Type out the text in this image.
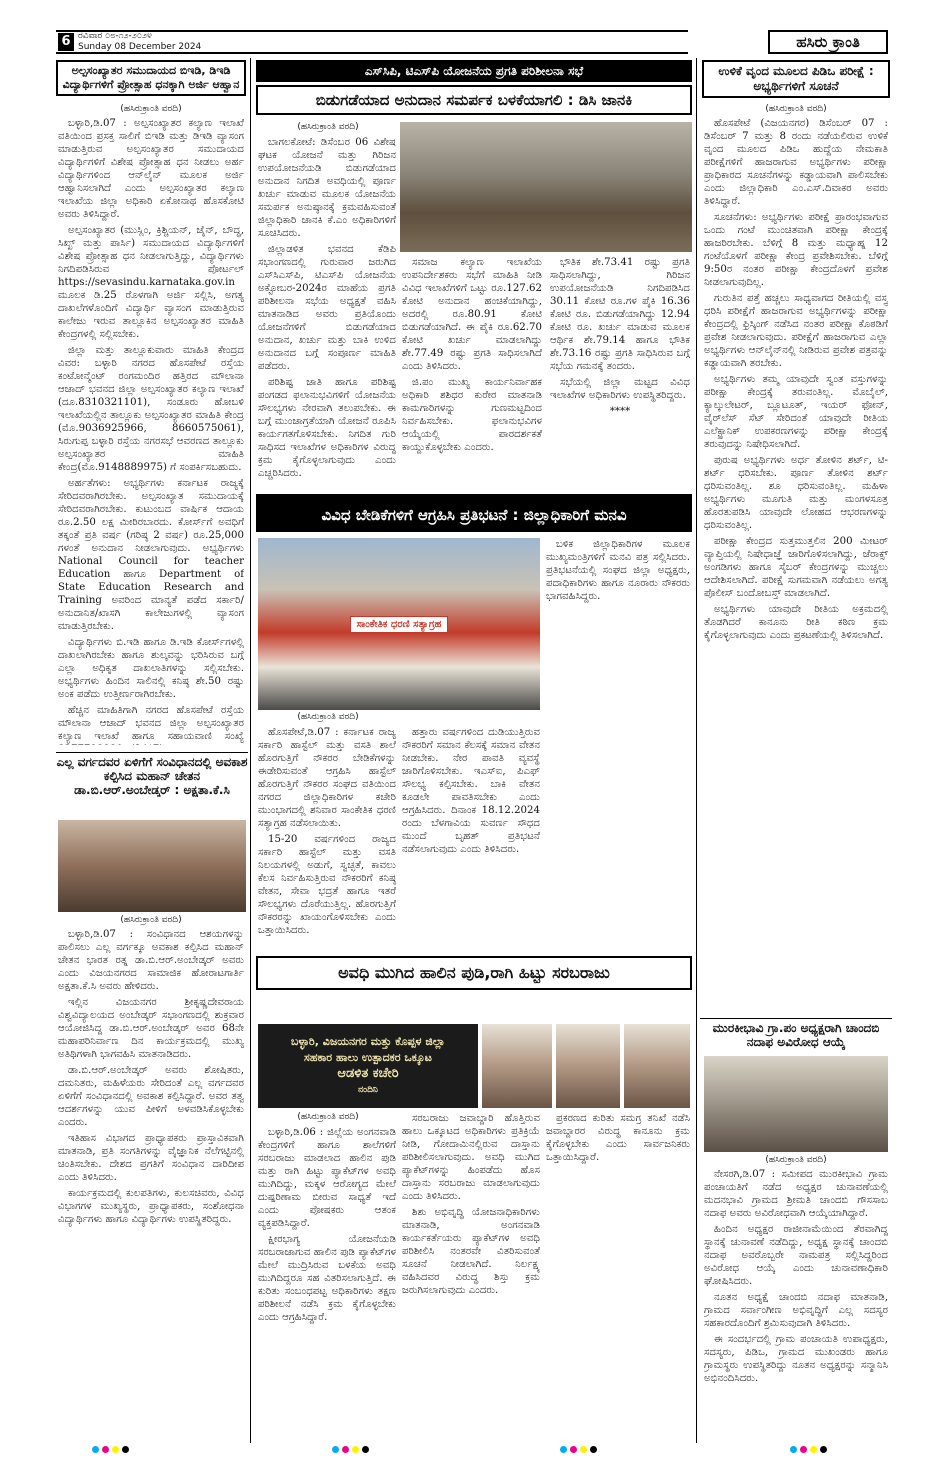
6 ರವಿವಾರ ೦೮-೧೨-೨೦೨೪
Sunday 08 December 2024	ಹಸಿರು ಕ್ರಾಂತಿ
ಅಲ್ಪಸಂಖ್ಯಾತರ ಸಮುದಾಯದ ಬಿಇಡಿ, ಡಿಇಡಿ ವಿದ್ಯಾರ್ಥಿಗಳಿಗೆ ಪ್ರೋತ್ಸಾಹ ಧನಕ್ಕಾಗಿ ಅರ್ಜಿ ಆಹ್ವಾನ
(ಹಸಿರುಕ್ರಾಂತಿ ವರದಿ)

ಬಳ್ಳಾರಿ,ಡಿ.07 : ಅಲ್ಪಸಂಖ್ಯಾತರ ಕಲ್ಯಾಣ ಇಲಾಖೆ ವತಿಯಿಂದ ಪ್ರಸಕ್ತ ಸಾಲಿಗೆ ಬಿಇಡಿ ಮತ್ತು ಡಿಇಡಿ ವ್ಯಾಸಂಗ ಮಾಡುತ್ತಿರುವ ಅಲ್ಪಸಂಖ್ಯಾತರ ಸಮುದಾಯದ ವಿದ್ಯಾರ್ಥಿಗಳಿಗೆ ವಿಶೇಷ ಪ್ರೋತ್ಸಾಹ ಧನ ನೀಡಲು ಅರ್ಹ ವಿದ್ಯಾರ್ಥಿಗಳಿಂದ ಆನ್‌ಲೈನ್ ಮೂಲಕ ಅರ್ಜಿ ಆಹ್ವಾನಿಸಲಾಗಿದೆ ಎಂದು ಅಲ್ಪಸಂಖ್ಯಾತರ ಕಲ್ಯಾಣ ಇಲಾಖೆಯ ಜಿಲ್ಲಾ ಅಧಿಕಾರಿ ಏಕೋನಾಥ ಹೊಸಕೋಟಿ ಅವರು ತಿಳಿಸಿದ್ದಾರೆ.

ಅಲ್ಪಸಂಖ್ಯಾತರ (ಮುಸ್ಲಿಂ, ಕ್ರಿಶ್ಚಿಯನ್, ಜೈನ್, ಬೌದ್ಧ, ಸಿಖ್ಖ್ ಮತ್ತು ಪಾರ್ಸಿ) ಸಮುದಾಯದ ವಿದ್ಯಾರ್ಥಿಗಳಿಗೆ ವಿಶೇಷ ಪ್ರೋತ್ಸಾಹ ಧನ ನೀಡಲಾಗುತ್ತಿದ್ದು, ವಿದ್ಯಾರ್ಥಿಗಳು ನಿಗದಿಪಡಿಸಿರುವ ಪೋರ್ಟಲ್ https://sevasindu.karnataka.gov.in ಮೂಲಕ ಡಿ.25 ರೊಳಗಾಗಿ ಅರ್ಜಿ ಸಲ್ಲಿಸಿ, ಅಗತ್ಯ ದಾಖಲೆಗಳೊಂದಿಗೆ ವಿದ್ಯಾರ್ಥಿ ವ್ಯಾಸಂಗ ಮಾಡುತ್ತಿರುವ ಕಾಲೇಜು ಇರುವ ತಾಲ್ಲೂಕಿನ ಅಲ್ಪಸಂಖ್ಯಾತರ ಮಾಹಿತಿ ಕೇಂದ್ರಗಳಲ್ಲಿ ಸಲ್ಲಿಸಬೇಕು.

ಜಿಲ್ಲಾ ಮತ್ತು ತಾಲ್ಲೂಕುವಾರು ಮಾಹಿತಿ ಕೇಂದ್ರದ ವಿವರ: ಬಳ್ಳಾರಿ ನಗರದ ಹೊಸಪೇಟೆ ರಸ್ತೆಯ ಕಂಟೋನ್ಮೆಂಟ್ ರಂಗಮಂದಿರ ಹತ್ತಿರದ ಮೌಲಾನಾ ಆಜಾದ್ ಭವನದ ಜಿಲ್ಲಾ ಅಲ್ಪಸಂಖ್ಯಾತರ ಕಲ್ಯಾಣ ಇಲಾಖೆ (ದೂ.8310321101), ಸಂಡೂರು ಹೋಬಳಿ ಇಲಾಖೆಯಲ್ಲಿನ ತಾಲ್ಲೂಕು ಅಲ್ಪಸಂಖ್ಯಾತರ ಮಾಹಿತಿ ಕೇಂದ್ರ (ಮೊ.9036925966, 8660575061), ಸಿರುಗುಪ್ಪ ಬಳ್ಳಾರಿ ರಸ್ತೆಯ ನಗರಸಭೆ ಆವರಣದ ತಾಲ್ಲೂಕು ಅಲ್ಪಸಂಖ್ಯಾತರ ಮಾಹಿತಿ ಕೇಂದ್ರ(ಮೊ.9148889975) ಗೆ ಸಂಪರ್ಕಿಸಬಹುದು.

ಅರ್ಹತೆಗಳು: ಅಭ್ಯರ್ಥಿಗಳು ಕರ್ನಾಟಕ ರಾಜ್ಯಕ್ಕೆ ಸೇರಿದವರಾಗಿರಬೇಕು. ಅಲ್ಪಸಂಖ್ಯಾತ ಸಮುದಾಯಕ್ಕೆ ಸೇರಿದವರಾಗಿರಬೇಕು. ಕುಟುಂಬದ ವಾರ್ಷಿಕ ಆದಾಯ ರೂ.2.50 ಲಕ್ಷ ಮೀರಿರಬಾರದು. ಕೋರ್ಸ್‌ಗೆ ಅವಧಿಗೆ ತಕ್ಕಂತೆ ಪ್ರತಿ ವರ್ಷ (ಗರಿಷ್ಠ 2 ವರ್ಷ) ರೂ.25,000 ಗಳಂತೆ ಅನುದಾನ ನೀಡಲಾಗುವುದು. ಅಭ್ಯರ್ಥಿಗಳು National Council for teacher Education ಹಾಗೂ Department of State Education Research and Training ಅವರಿಂದ ಮಾನ್ಯತೆ ಪಡೆದ ಸರ್ಕಾರಿ/ಅನುದಾನಿತ/ಖಾಸಗಿ ಕಾಲೇಜುಗಳಲ್ಲಿ ವ್ಯಾಸಂಗ ಮಾಡುತ್ತಿರಬೇಕು.

ವಿದ್ಯಾರ್ಥಿಗಳು ಬಿ.ಇಡಿ ಹಾಗೂ ಡಿ.ಇಡಿ ಕೋರ್ಸ್‌ಗಳಲ್ಲಿ ದಾಖಲಾಗಿರಬೇಕು ಹಾಗೂ ಶುಲ್ಕವನ್ನು ಭರಿಸಿರುವ ಬಗ್ಗೆ ಎಲ್ಲಾ ಅಧಿಕೃತ ದಾಖಲಾತಿಗಳನ್ನು ಸಲ್ಲಿಸಬೇಕು. ಅಭ್ಯರ್ಥಿಗಳು ಹಿಂದಿನ ಸಾಲಿನಲ್ಲಿ ಕನಿಷ್ಠ ಶೇ.50 ರಷ್ಟು ಅಂಕ ಪಡೆದು ಉತ್ತೀರ್ಣರಾಗಿರಬೇಕು.

ಹೆಚ್ಚಿನ ಮಾಹಿತಿಗಾಗಿ ನಗರದ ಹೊಸಪೇಟೆ ರಸ್ತೆಯ ಮೌಲಾನಾ ಆಜಾದ್ ಭವನದ ಜಿಲ್ಲಾ ಅಲ್ಪಸಂಖ್ಯಾತರ ಕಲ್ಯಾಣ ಇಲಾಖೆ ಹಾಗೂ ಸಹಾಯವಾಣಿ ಸಂಖ್ಯೆ

ಎಲ್ಲ ವರ್ಗದವರ ಏಳಿಗೆಗೆ ಸಂವಿಧಾನದಲ್ಲಿ ಅವಕಾಶ ಕಲ್ಪಿಸಿದ ಮಹಾನ್ ಚೇತನ ಡಾ.ಬಿ.ಆರ್.ಅಂಬೇಡ್ಕರ್ : ಅಕ್ಷತಾ.ಕೆ.ಸಿ
(ಹಸಿರುಕ್ರಾಂತಿ ವರದಿ)

ಬಳ್ಳಾರಿ,ಡಿ.07 : ಸಂವಿಧಾನದ ಆಶಯಗಳನ್ನು ಪಾಲಿಸಲು ಎಲ್ಲ ವರ್ಗಕ್ಕೂ ಅವಕಾಶ ಕಲ್ಪಿಸಿದ ಮಹಾನ್ ಚೇತನ ಭಾರತ ರತ್ನ ಡಾ.ಬಿ.ಆರ್.ಅಂಬೇಡ್ಕರ್ ಅವರು ಎಂದು ವಿಜಯನಗರದ ಸಾಮಾಜಿಕ ಹೋರಾಟಗಾರ್ತಿ ಅಕ್ಷತಾ.ಕೆ.ಸಿ ಅವರು ಹೇಳಿದರು.

ಇಲ್ಲಿನ ವಿಜಯನಗರ ಶ್ರೀಕೃಷ್ಣದೇವರಾಯ ವಿಶ್ವವಿದ್ಯಾಲಯದ ಅಂಬೇಡ್ಕರ್ ಸಭಾಂಗಣದಲ್ಲಿ ಶುಕ್ರವಾರ ಆಯೋಜಿಸಿದ್ದ ಡಾ.ಬಿ.ಆರ್.ಅಂಬೇಡ್ಕರ್ ಅವರ 68ನೇ ಮಹಾಪರಿನಿರ್ವಾಣ ದಿನ ಕಾರ್ಯಕ್ರಮದಲ್ಲಿ ಮುಖ್ಯ ಅತಿಥಿಗಳಾಗಿ ಭಾಗವಹಿಸಿ ಮಾತನಾಡಿದರು.

ಡಾ.ಬಿ.ಆರ್.ಅಂಬೇಡ್ಕರ್ ಅವರು ಶೋಷಿತರು, ದಮನಿತರು, ಮಹಿಳೆಯರು ಸೇರಿದಂತೆ ಎಲ್ಲ ವರ್ಗದವರ ಏಳಿಗೆಗೆ ಸಂವಿಧಾನದಲ್ಲಿ ಅವಕಾಶ ಕಲ್ಪಿಸಿದ್ದಾರೆ. ಅವರ ತತ್ವ ಆದರ್ಶಗಳನ್ನು ಯುವ ಪೀಳಿಗೆ ಅಳವಡಿಸಿಕೊಳ್ಳಬೇಕು ಎಂದರು.

ಇತಿಹಾಸ ವಿಭಾಗದ ಪ್ರಾಧ್ಯಾಪಕರು ಪ್ರಾಸ್ತಾವಿಕವಾಗಿ ಮಾತನಾಡಿ, ಪ್ರತಿ ಸಂಗತಿಗಳನ್ನು ವೈಜ್ಞಾನಿಕ ನೆಲೆಗಟ್ಟಿನಲ್ಲಿ ಚಿಂತಿಸಬೇಕು. ದೇಶದ ಪ್ರಗತಿಗೆ ಸಂವಿಧಾನ ದಾರಿದೀಪ ಎಂದು ತಿಳಿಸಿದರು.

ಕಾರ್ಯಕ್ರಮದಲ್ಲಿ ಕುಲಪತಿಗಳು, ಕುಲಸಚಿವರು, ವಿವಿಧ ವಿಭಾಗಗಳ ಮುಖ್ಯಸ್ಥರು, ಪ್ರಾಧ್ಯಾಪಕರು, ಸಂಶೋಧನಾ ವಿದ್ಯಾರ್ಥಿಗಳು ಹಾಗೂ ವಿದ್ಯಾರ್ಥಿಗಳು ಉಪಸ್ಥಿತರಿದ್ದರು.

ಎಸ್‌ಸಿಪಿ, ಟಿಎಸ್‌ಪಿ ಯೋಜನೆಯ ಪ್ರಗತಿ ಪರಿಶೀಲನಾ ಸಭೆ
ಬಿಡುಗಡೆಯಾದ ಅನುದಾನ ಸಮರ್ಪಕ ಬಳಕೆಯಾಗಲಿ : ಡಿಸಿ ಜಾನಕಿ
(ಹಸಿರುಕ್ರಾಂತಿ ವರದಿ)

ಬಾಗಲಕೋಟೆ: ಡಿಸೆಂಬರ 06 ವಿಶೇಷ ಘಟಕ ಯೋಜನೆ ಮತ್ತು ಗಿರಿಜನ ಉಪಯೋಜನೆಯಡಿ ಬಿಡುಗಡೆಯಾದ ಅನುದಾನ ನಿಗದಿತ ಅವಧಿಯಲ್ಲಿ ಪೂರ್ಣ ಖರ್ಚು ಮಾಡುವ ಮೂಲಕ ಯೋಜನೆಯ ಸಮರ್ಪಕ ಅನುಷ್ಠಾನಕ್ಕೆ ಕ್ರಮವಹಿಸುವಂತೆ ಜಿಲ್ಲಾಧಿಕಾರಿ ಜಾನಕಿ ಕೆ.ಎಂ ಅಧಿಕಾರಿಗಳಿಗೆ ಸೂಚಿಸಿದರು.

ಜಿಲ್ಲಾಡಳಿತ ಭವನದ ಕೆಡಿಪಿ ಸಭಾಂಗಣದಲ್ಲಿ ಗುರುವಾರ ಜರುಗಿದ ಎಸ್‌ಸಿಎಸ್‌ಪಿ, ಟಿಎಸ್‌ಪಿ ಯೋಜನೆಯ ಅಕ್ಟೋಬರ-2024ರ ಮಾಹೆಯ ಪ್ರಗತಿ ಪರಿಶೀಲನಾ ಸಭೆಯ ಅಧ್ಯಕ್ಷತೆ ವಹಿಸಿ ಮಾತನಾಡಿದ ಅವರು ಪ್ರತಿಯೊಂದು ಯೋಜನೆಗಳಿಗೆ ಬಿಡುಗಡೆಯಾದ ಅನುದಾನ, ಖರ್ಚು ಮತ್ತು ಬಾಕಿ ಉಳಿದ ಅನುದಾನದ ಬಗ್ಗೆ ಸಂಪೂರ್ಣ ಮಾಹಿತಿ ಪಡೆದರು.

ಪರಿಶಿಷ್ಟ ಜಾತಿ ಹಾಗೂ ಪರಿಶಿಷ್ಟ ಪಂಗಡದ ಫಲಾನುಭವಿಗಳಿಗೆ ಯೋಜನೆಯ ಸೌಲಭ್ಯಗಳು ನೇರವಾಗಿ ತಲುಪಬೇಕು. ಈ ಬಗ್ಗೆ ಮುಂಜಾಗ್ರತೆಯಾಗಿ ಯೋಜನೆ ರೂಪಿಸಿ ಕಾರ್ಯಗತಗೊಳಿಸಬೇಕು. ನಿಗದಿತ ಗುರಿ ಸಾಧಿಸದ ಇಲಾಖೆಗಳ ಅಧಿಕಾರಿಗಳ ವಿರುದ್ಧ ಕ್ರಮ ಕೈಗೊಳ್ಳಲಾಗುವುದು ಎಂದು ಎಚ್ಚರಿಸಿದರು.

ಸಮಾಜ ಕಲ್ಯಾಣ ಇಲಾಖೆಯ ಉಪನಿರ್ದೇಶಕರು ಸಭೆಗೆ ಮಾಹಿತಿ ನೀಡಿ ವಿವಿಧ ಇಲಾಖೆಗಳಿಗೆ ಒಟ್ಟು ರೂ.127.62 ಕೋಟಿ ಅನುದಾನ ಹಂಚಿಕೆಯಾಗಿದ್ದು, ಅದರಲ್ಲಿ ರೂ.80.91 ಕೋಟಿ ಬಿಡುಗಡೆಯಾಗಿದೆ. ಈ ಪೈಕಿ ರೂ.62.70 ಕೋಟಿ ಖರ್ಚು ಮಾಡಲಾಗಿದ್ದು ಶೇ.77.49 ರಷ್ಟು ಪ್ರಗತಿ ಸಾಧಿಸಲಾಗಿದೆ ಎಂದು ತಿಳಿಸಿದರು.

ಜಿ.ಪಂ ಮುಖ್ಯ ಕಾರ್ಯನಿರ್ವಾಹಕ ಅಧಿಕಾರಿ ಶಶಿಧರ ಕುರೇರ ಮಾತನಾಡಿ ಕಾಮಗಾರಿಗಳನ್ನು ಗುಣಮಟ್ಟದಿಂದ ನಿರ್ವಹಿಸಬೇಕು. ಫಲಾನುಭವಿಗಳ ಆಯ್ಕೆಯಲ್ಲಿ ಪಾರದರ್ಶಕತೆ ಕಾಯ್ದುಕೊಳ್ಳಬೇಕು ಎಂದರು.

ಭೌತಿಕ ಶೇ.73.41 ರಷ್ಟು ಪ್ರಗತಿ ಸಾಧಿಸಲಾಗಿದ್ದು, ಗಿರಿಜನ ಉಪಯೋಜನೆಯಡಿ ನಿಗದಿಪಡಿಸಿದ 30.11 ಕೋಟಿ ರೂ.ಗಳ ಪೈಕಿ 16.36 ಕೋಟಿ ರೂ. ಬಿಡುಗಡೆಯಾಗಿದ್ದು 12.94 ಕೋಟಿ ರೂ. ಖರ್ಚು ಮಾಡುವ ಮೂಲಕ ಆರ್ಥಿಕ ಶೇ.79.14 ಹಾಗೂ ಭೌತಿಕ ಶೇ.73.16 ರಷ್ಟು ಪ್ರಗತಿ ಸಾಧಿಸಿರುವ ಬಗ್ಗೆ ಸಭೆಯ ಗಮನಕ್ಕೆ ತಂದರು.

ಸಭೆಯಲ್ಲಿ ಜಿಲ್ಲಾ ಮಟ್ಟದ ವಿವಿಧ ಇಲಾಖೆಗಳ ಅಧಿಕಾರಿಗಳು ಉಪಸ್ಥಿತರಿದ್ದರು.

****

ವಿವಿಧ ಬೇಡಿಕೆಗಳಿಗೆ ಆಗ್ರಹಿಸಿ ಪ್ರತಿಭಟನೆ : ಜಿಲ್ಲಾಧಿಕಾರಿಗೆ ಮನವಿ
ಸಾಂಕೇತಿಕ ಧರಣಿ ಸತ್ಯಾಗ್ರಹ
(ಹಸಿರುಕ್ರಾಂತಿ ವರದಿ)

ಹೊಸಪೇಟೆ,ಡಿ.07 : ಕರ್ನಾಟಕ ರಾಜ್ಯ ಸರ್ಕಾರಿ ಹಾಸ್ಟೆಲ್ ಮತ್ತು ವಸತಿ ಶಾಲೆ ಹೊರಗುತ್ತಿಗೆ ನೌಕರರ ಬೇಡಿಕೆಗಳನ್ನು ಈಡೇರಿಸುವಂತೆ ಆಗ್ರಹಿಸಿ ಹಾಸ್ಟೆಲ್ ಹೊರಗುತ್ತಿಗೆ ನೌಕರರ ಸಂಘದ ವತಿಯಿಂದ ನಗರದ ಜಿಲ್ಲಾಧಿಕಾರಿಗಳ ಕಚೇರಿ ಮುಂಭಾಗದಲ್ಲಿ ಶನಿವಾರ ಸಾಂಕೇತಿಕ ಧರಣಿ ಸತ್ಯಾಗ್ರಹ ನಡೆಸಲಾಯಿತು.

15-20 ವರ್ಷಗಳಿಂದ ರಾಜ್ಯದ ಸರ್ಕಾರಿ ಹಾಸ್ಟೆಲ್ ಮತ್ತು ವಸತಿ ನಿಲಯಗಳಲ್ಲಿ ಅಡುಗೆ, ಸ್ವಚ್ಛತೆ, ಕಾವಲು ಕೆಲಸ ನಿರ್ವಹಿಸುತ್ತಿರುವ ನೌಕರರಿಗೆ ಕನಿಷ್ಠ ವೇತನ, ಸೇವಾ ಭದ್ರತೆ ಹಾಗೂ ಇತರೆ ಸೌಲಭ್ಯಗಳು ದೊರೆಯುತ್ತಿಲ್ಲ. ಹೊರಗುತ್ತಿಗೆ ನೌಕರರನ್ನು ಖಾಯಂಗೊಳಿಸಬೇಕು ಎಂದು ಒತ್ತಾಯಿಸಿದರು.

ಹತ್ತಾರು ವರ್ಷಗಳಿಂದ ದುಡಿಯುತ್ತಿರುವ ನೌಕರರಿಗೆ ಸಮಾನ ಕೆಲಸಕ್ಕೆ ಸಮಾನ ವೇತನ ನೀಡಬೇಕು. ನೇರ ಪಾವತಿ ವ್ಯವಸ್ಥೆ ಜಾರಿಗೊಳಿಸಬೇಕು. ಇಎಸ್‌ಐ, ಪಿಎಫ್ ಸೌಲಭ್ಯ ಕಲ್ಪಿಸಬೇಕು. ಬಾಕಿ ವೇತನ ಕೂಡಲೇ ಪಾವತಿಸಬೇಕು ಎಂದು ಆಗ್ರಹಿಸಿದರು. ದಿನಾಂಕ 18.12.2024 ರಂದು ಬೆಳಗಾವಿಯ ಸುವರ್ಣ ಸೌಧದ ಮುಂದೆ ಬೃಹತ್ ಪ್ರತಿಭಟನೆ ನಡೆಸಲಾಗುವುದು ಎಂದು ತಿಳಿಸಿದರು.

ಬಳಿಕ ಜಿಲ್ಲಾಧಿಕಾರಿಗಳ ಮೂಲಕ ಮುಖ್ಯಮಂತ್ರಿಗಳಿಗೆ ಮನವಿ ಪತ್ರ ಸಲ್ಲಿಸಿದರು. ಪ್ರತಿಭಟನೆಯಲ್ಲಿ ಸಂಘದ ಜಿಲ್ಲಾ ಅಧ್ಯಕ್ಷರು, ಪದಾಧಿಕಾರಿಗಳು ಹಾಗೂ ನೂರಾರು ನೌಕರರು ಭಾಗವಹಿಸಿದ್ದರು.

ಅವಧಿ ಮುಗಿದ ಹಾಲಿನ ಪುಡಿ,ರಾಗಿ ಹಿಟ್ಟು ಸರಬರಾಜು
ಬಳ್ಳಾರಿ, ವಿಜಯನಗರ ಮತ್ತು ಕೊಪ್ಪಳ ಜಿಲ್ಲಾ
ಸಹಕಾರ ಹಾಲು ಉತ್ಪಾದಕರ ಒಕ್ಕೂಟ
ಆಡಳಿತ ಕಚೇರಿ
ನಂದಿನಿ
(ಹಸಿರುಕ್ರಾಂತಿ ವರದಿ)

ಬಳ್ಳಾರಿ,ಡಿ.06 : ಜಿಲ್ಲೆಯ ಅಂಗನವಾಡಿ ಕೇಂದ್ರಗಳಿಗೆ ಹಾಗೂ ಶಾಲೆಗಳಿಗೆ ಸರಬರಾಜು ಮಾಡಲಾದ ಹಾಲಿನ ಪುಡಿ ಮತ್ತು ರಾಗಿ ಹಿಟ್ಟು ಪ್ಯಾಕೆಟ್‌ಗಳ ಅವಧಿ ಮುಗಿದಿದ್ದು, ಮಕ್ಕಳ ಆರೋಗ್ಯದ ಮೇಲೆ ದುಷ್ಪರಿಣಾಮ ಬೀರುವ ಸಾಧ್ಯತೆ ಇದೆ ಎಂದು ಪೋಷಕರು ಆತಂಕ ವ್ಯಕ್ತಪಡಿಸಿದ್ದಾರೆ.

ಕ್ಷೀರಭಾಗ್ಯ ಯೋಜನೆಯಡಿ ಸರಬರಾಜಾಗುವ ಹಾಲಿನ ಪುಡಿ ಪ್ಯಾಕೆಟ್‌ಗಳ ಮೇಲೆ ಮುದ್ರಿಸಿರುವ ಬಳಕೆಯ ಅವಧಿ ಮುಗಿದಿದ್ದರೂ ಸಹ ವಿತರಿಸಲಾಗುತ್ತಿದೆ. ಈ ಕುರಿತು ಸಂಬಂಧಪಟ್ಟ ಅಧಿಕಾರಿಗಳು ತಕ್ಷಣ ಪರಿಶೀಲನೆ ನಡೆಸಿ ಕ್ರಮ ಕೈಗೊಳ್ಳಬೇಕು ಎಂದು ಆಗ್ರಹಿಸಿದ್ದಾರೆ.

ಸರಬರಾಜು ಜವಾಬ್ದಾರಿ ಹೊತ್ತಿರುವ ಹಾಲು ಒಕ್ಕೂಟದ ಅಧಿಕಾರಿಗಳು ಪ್ರತಿಕ್ರಿಯೆ ನೀಡಿ, ಗೋದಾಮಿನಲ್ಲಿರುವ ದಾಸ್ತಾನು ಪರಿಶೀಲಿಸಲಾಗುವುದು. ಅವಧಿ ಮುಗಿದ ಪ್ಯಾಕೆಟ್‌ಗಳನ್ನು ಹಿಂಪಡೆದು ಹೊಸ ದಾಸ್ತಾನು ಸರಬರಾಜು ಮಾಡಲಾಗುವುದು ಎಂದು ತಿಳಿಸಿದರು.

ಶಿಶು ಅಭಿವೃದ್ಧಿ ಯೋಜನಾಧಿಕಾರಿಗಳು ಮಾತನಾಡಿ, ಅಂಗನವಾಡಿ ಕಾರ್ಯಕರ್ತೆಯರು ಪ್ಯಾಕೆಟ್‌ಗಳ ಅವಧಿ ಪರಿಶೀಲಿಸಿ ನಂತರವೇ ವಿತರಿಸುವಂತೆ ಸೂಚನೆ ನೀಡಲಾಗಿದೆ. ನಿರ್ಲಕ್ಷ್ಯ ವಹಿಸಿದವರ ವಿರುದ್ಧ ಶಿಸ್ತು ಕ್ರಮ ಜರುಗಿಸಲಾಗುವುದು ಎಂದರು.

ಪ್ರಕರಣದ ಕುರಿತು ಸಮಗ್ರ ತನಿಖೆ ನಡೆಸಿ ಜವಾಬ್ದಾರರ ವಿರುದ್ಧ ಕಾನೂನು ಕ್ರಮ ಕೈಗೊಳ್ಳಬೇಕು ಎಂದು ಸಾರ್ವಜನಿಕರು ಒತ್ತಾಯಿಸಿದ್ದಾರೆ.

ಉಳಿಕೆ ವೃಂದ ಮೂಲದ ಪಿಡಿಒ ಪರೀಕ್ಷೆ : ಅಭ್ಯರ್ಥಿಗಳಿಗೆ ಸೂಚನೆ
(ಹಸಿರುಕ್ರಾಂತಿ ವರದಿ)

ಹೊಸಪೇಟೆ (ವಿಜಯನಗರ) ಡಿಸೆಂಬರ್ 07 : ಡಿಸೆಂಬರ್ 7 ಮತ್ತು 8 ರಂದು ನಡೆಯಲಿರುವ ಉಳಿಕೆ ವೃಂದ ಮೂಲದ ಪಿಡಿಒ ಹುದ್ದೆಯ ನೇಮಕಾತಿ ಪರೀಕ್ಷೆಗಳಿಗೆ ಹಾಜರಾಗುವ ಅಭ್ಯರ್ಥಿಗಳು ಪರೀಕ್ಷಾ ಪ್ರಾಧಿಕಾರದ ಸೂಚನೆಗಳನ್ನು ಕಡ್ಡಾಯವಾಗಿ ಪಾಲಿಸಬೇಕು ಎಂದು ಜಿಲ್ಲಾಧಿಕಾರಿ ಎಂ.ಎಸ್.ದಿವಾಕರ ಅವರು ತಿಳಿಸಿದ್ದಾರೆ.

ಸೂಚನೆಗಳು: ಅಭ್ಯರ್ಥಿಗಳು ಪರೀಕ್ಷೆ ಪ್ರಾರಂಭವಾಗುವ ಒಂದು ಗಂಟೆ ಮುಂಚಿತವಾಗಿ ಪರೀಕ್ಷಾ ಕೇಂದ್ರಕ್ಕೆ ಹಾಜರಿರಬೇಕು. ಬೆಳಿಗ್ಗೆ 8 ಮತ್ತು ಮಧ್ಯಾಹ್ನ 12 ಗಂಟೆಯೊಳಗೆ ಪರೀಕ್ಷಾ ಕೇಂದ್ರ ಪ್ರವೇಶಿಸಬೇಕು. ಬೆಳಿಗ್ಗೆ 9:50ರ ನಂತರ ಪರೀಕ್ಷಾ ಕೇಂದ್ರದೊಳಗೆ ಪ್ರವೇಶ ನೀಡಲಾಗುವುದಿಲ್ಲ.

ಗುರುತಿನ ಪತ್ತೆ ಹಚ್ಚಲು ಸಾಧ್ಯವಾಗದ ರೀತಿಯಲ್ಲಿ ವಸ್ತ್ರ ಧರಿಸಿ ಪರೀಕ್ಷೆಗೆ ಹಾಜರಾಗುವ ಅಭ್ಯರ್ಥಿಗಳನ್ನು ಪರೀಕ್ಷಾ ಕೇಂದ್ರದಲ್ಲಿ ಫ್ರಿಸ್ಕಿಂಗ್ ನಡೆಸಿದ ನಂತರ ಪರೀಕ್ಷಾ ಕೊಠಡಿಗೆ ಪ್ರವೇಶ ನೀಡಲಾಗುವುದು. ಪರೀಕ್ಷೆಗೆ ಹಾಜರಾಗುವ ಎಲ್ಲಾ ಅಭ್ಯರ್ಥಿಗಳು ಆನ್‌ಲೈನ್‌ನಲ್ಲಿ ನೀಡಿರುವ ಪ್ರವೇಶ ಪತ್ರವನ್ನು ಕಡ್ಡಾಯವಾಗಿ ತರಬೇಕು.

ಅಭ್ಯರ್ಥಿಗಳು ತಮ್ಮ ಯಾವುದೇ ಸ್ವಂತ ವಸ್ತುಗಳನ್ನು ಪರೀಕ್ಷಾ ಕೇಂದ್ರಕ್ಕೆ ತರುವಂತಿಲ್ಲ. ಮೊಬೈಲ್, ಕ್ಯಾಲ್ಕುಲೇಟರ್, ಬ್ಲೂಟೂತ್, ಇಯರ್ ಫೋನ್, ವೈರ್‌ಲೆಸ್ ಸೆಟ್ ಸೇರಿದಂತೆ ಯಾವುದೇ ರೀತಿಯ ಎಲೆಕ್ಟ್ರಾನಿಕ್ ಉಪಕರಣಗಳನ್ನು ಪರೀಕ್ಷಾ ಕೇಂದ್ರಕ್ಕೆ ತರುವುದನ್ನು ನಿಷೇಧಿಸಲಾಗಿದೆ.

ಪುರುಷ ಅಭ್ಯರ್ಥಿಗಳು ಅರ್ಧ ತೋಳಿನ ಶರ್ಟ್, ಟಿ-ಶರ್ಟ್ ಧರಿಸಬೇಕು. ಪೂರ್ಣ ತೋಳಿನ ಶರ್ಟ್ ಧರಿಸುವಂತಿಲ್ಲ. ಶೂ ಧರಿಸುವಂತಿಲ್ಲ. ಮಹಿಳಾ ಅಭ್ಯರ್ಥಿಗಳು ಮೂಗುತಿ ಮತ್ತು ಮಂಗಳಸೂತ್ರ ಹೊರತುಪಡಿಸಿ ಯಾವುದೇ ಲೋಹದ ಆಭರಣಗಳನ್ನು ಧರಿಸುವಂತಿಲ್ಲ.

ಪರೀಕ್ಷಾ ಕೇಂದ್ರದ ಸುತ್ತಮುತ್ತಲಿನ 200 ಮೀಟರ್ ವ್ಯಾಪ್ತಿಯಲ್ಲಿ ನಿಷೇಧಾಜ್ಞೆ ಜಾರಿಗೊಳಿಸಲಾಗಿದ್ದು, ಜೆರಾಕ್ಸ್ ಅಂಗಡಿಗಳು ಹಾಗೂ ಸೈಬರ್ ಕೇಂದ್ರಗಳನ್ನು ಮುಚ್ಚಲು ಆದೇಶಿಸಲಾಗಿದೆ. ಪರೀಕ್ಷೆ ಸುಗಮವಾಗಿ ನಡೆಯಲು ಅಗತ್ಯ ಪೊಲೀಸ್ ಬಂದೋಬಸ್ತ್ ಮಾಡಲಾಗಿದೆ.

ಅಭ್ಯರ್ಥಿಗಳು ಯಾವುದೇ ರೀತಿಯ ಅಕ್ರಮದಲ್ಲಿ ತೊಡಗಿದರೆ ಕಾನೂನು ರೀತಿ ಕಠಿಣ ಕ್ರಮ ಕೈಗೊಳ್ಳಲಾಗುವುದು ಎಂದು ಪ್ರಕಟಣೆಯಲ್ಲಿ ತಿಳಿಸಲಾಗಿದೆ.

ಮುರಕೀಭಾವಿ ಗ್ರಾ.ಪಂ ಅಧ್ಯಕ್ಷರಾಗಿ ಚಾಂದಬಿ ನದಾಫ ಅವಿರೋಧ ಆಯ್ಕೆ
(ಹಸಿರುಕ್ರಾಂತಿ ವರದಿ)

ನೇಸರಗಿ,ಡಿ.07 : ಸಮೀಪದ ಮುರಕೀಭಾವಿ ಗ್ರಾಮ ಪಂಚಾಯತಿಗೆ ನಡೆದ ಅಧ್ಯಕ್ಷರ ಚುನಾವಣೆಯಲ್ಲಿ ಮದನಭಾವಿ ಗ್ರಾಮದ ಶ್ರೀಮತಿ ಚಾಂದಬಿ ಗೌಸಸಾಬ ನದಾಫ ಅವರು ಅವಿರೋಧವಾಗಿ ಆಯ್ಕೆಯಾಗಿದ್ದಾರೆ.

ಹಿಂದಿನ ಅಧ್ಯಕ್ಷರ ರಾಜೀನಾಮೆಯಿಂದ ತೆರವಾಗಿದ್ದ ಸ್ಥಾನಕ್ಕೆ ಚುನಾವಣೆ ನಡೆದಿದ್ದು, ಅಧ್ಯಕ್ಷ ಸ್ಥಾನಕ್ಕೆ ಚಾಂದಬಿ ನದಾಫ ಅವರೊಬ್ಬರೇ ನಾಮಪತ್ರ ಸಲ್ಲಿಸಿದ್ದರಿಂದ ಅವಿರೋಧ ಆಯ್ಕೆ ಎಂದು ಚುನಾವಣಾಧಿಕಾರಿ ಘೋಷಿಸಿದರು.

ನೂತನ ಅಧ್ಯಕ್ಷೆ ಚಾಂದಬಿ ನದಾಫ ಮಾತನಾಡಿ, ಗ್ರಾಮದ ಸರ್ವಾಂಗೀಣ ಅಭಿವೃದ್ಧಿಗೆ ಎಲ್ಲ ಸದಸ್ಯರ ಸಹಕಾರದೊಂದಿಗೆ ಶ್ರಮಿಸುವುದಾಗಿ ತಿಳಿಸಿದರು.

ಈ ಸಂದರ್ಭದಲ್ಲಿ ಗ್ರಾಮ ಪಂಚಾಯತಿ ಉಪಾಧ್ಯಕ್ಷರು, ಸದಸ್ಯರು, ಪಿಡಿಒ, ಗ್ರಾಮದ ಮುಖಂಡರು ಹಾಗೂ ಗ್ರಾಮಸ್ಥರು ಉಪಸ್ಥಿತರಿದ್ದು ನೂತನ ಅಧ್ಯಕ್ಷರನ್ನು ಸನ್ಮಾನಿಸಿ ಅಭಿನಂದಿಸಿದರು.
